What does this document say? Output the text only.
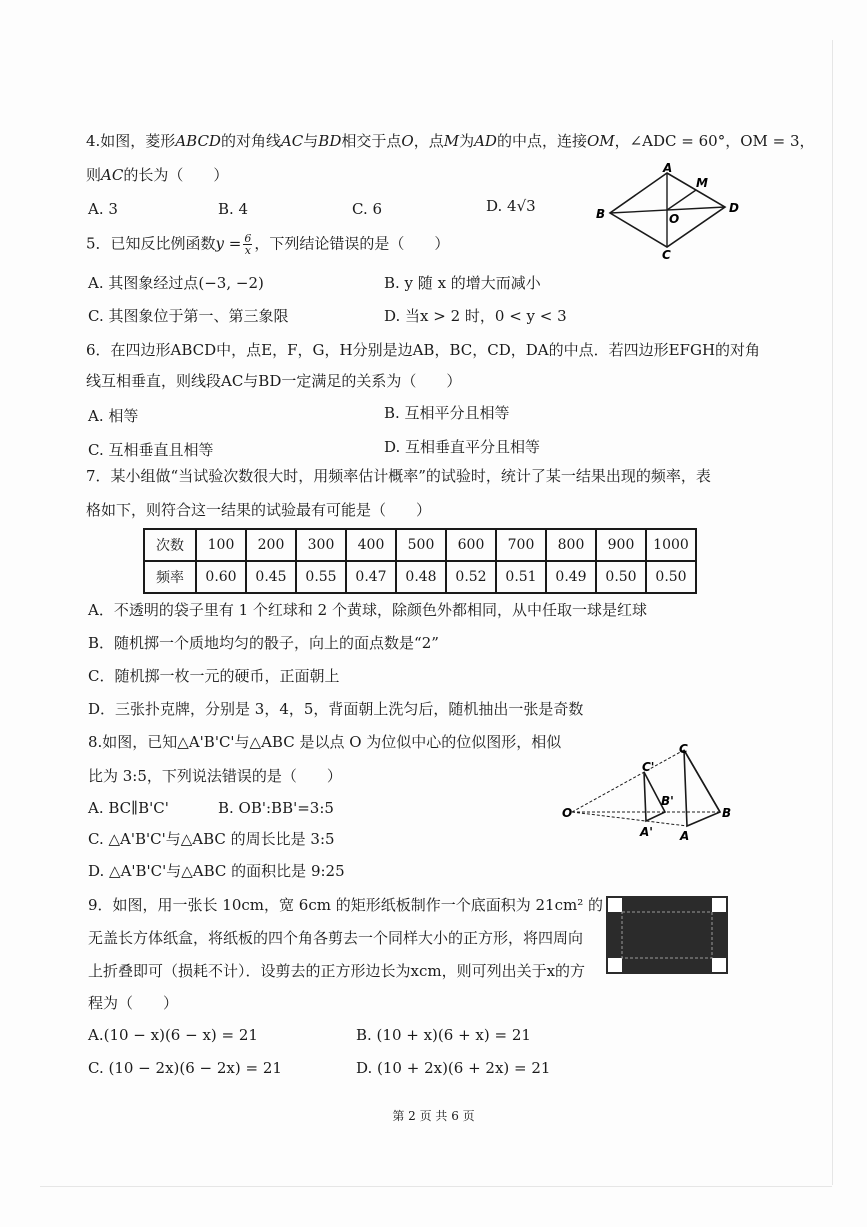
4.如图，菱形ABCD的对角线AC与BD相交于点O，点M为AD的中点，连接OM，∠ADC = 60°，OM = 3，
则AC的长为（　　）
A. 3	B. 4	C. 6	D. 4√3
A
B
C
D
O
M
5．已知反比例函数$y = \frac{6}{x}$ ，下列结论错误的是（　　）
A. 其图象经过点(−3, −2)	B. y 随 x 的增大而减小
C. 其图象位于第一、第三象限	D. 当x > 2 时，0 < y < 3
6．在四边形ABCD中，点E，F，G，H分别是边AB，BC，CD，DA的中点．若四边形EFGH的对角
线互相垂直，则线段AC与BD一定满足的关系为（　　）
A. 相等	B. 互相平分且相等
C. 互相垂直且相等	D. 互相垂直平分且相等
7．某小组做“当试验次数很大时，用频率估计概率”的试验时，统计了某一结果出现的频率，表
格如下，则符合这一结果的试验最有可能是（　　）
次数	100	200	300	400	500	600	700	800	900	1000
频率	0.60	0.45	0.55	0.47	0.48	0.52	0.51	0.49	0.50	0.50
A．不透明的袋子里有 1 个红球和 2 个黄球，除颜色外都相同，从中任取一球是红球
B．随机掷一个质地均匀的骰子，向上的面点数是“2”
C．随机掷一枚一元的硬币，正面朝上
D．三张扑克牌，分别是 3，4，5，背面朝上洗匀后，随机抽出一张是奇数
8.如图，已知△A'B'C'与△ABC 是以点 O 为位似中心的位似图形，相似
比为 3:5，下列说法错误的是（　　）
A. BC∥B'C'	B. OB':BB'=3:5
C. △A'B'C'与△ABC 的周长比是 3:5
D. △A'B'C'与△ABC 的面积比是 9:25
O
A
B
C
A'
B'
C'
9．如图，用一张长 10cm，宽 6cm 的矩形纸板制作一个底面积为 21cm² 的
无盖长方体纸盒，将纸板的四个角各剪去一个同样大小的正方形，将四周向
上折叠即可（损耗不计）．设剪去的正方形边长为xcm，则可列出关于x的方
程为（　　）
A.(10 − x)(6 − x) = 21	B. (10 + x)(6 + x) = 21
C. (10 − 2x)(6 − 2x) = 21	D. (10 + 2x)(6 + 2x) = 21
第 2 页 共 6 页
